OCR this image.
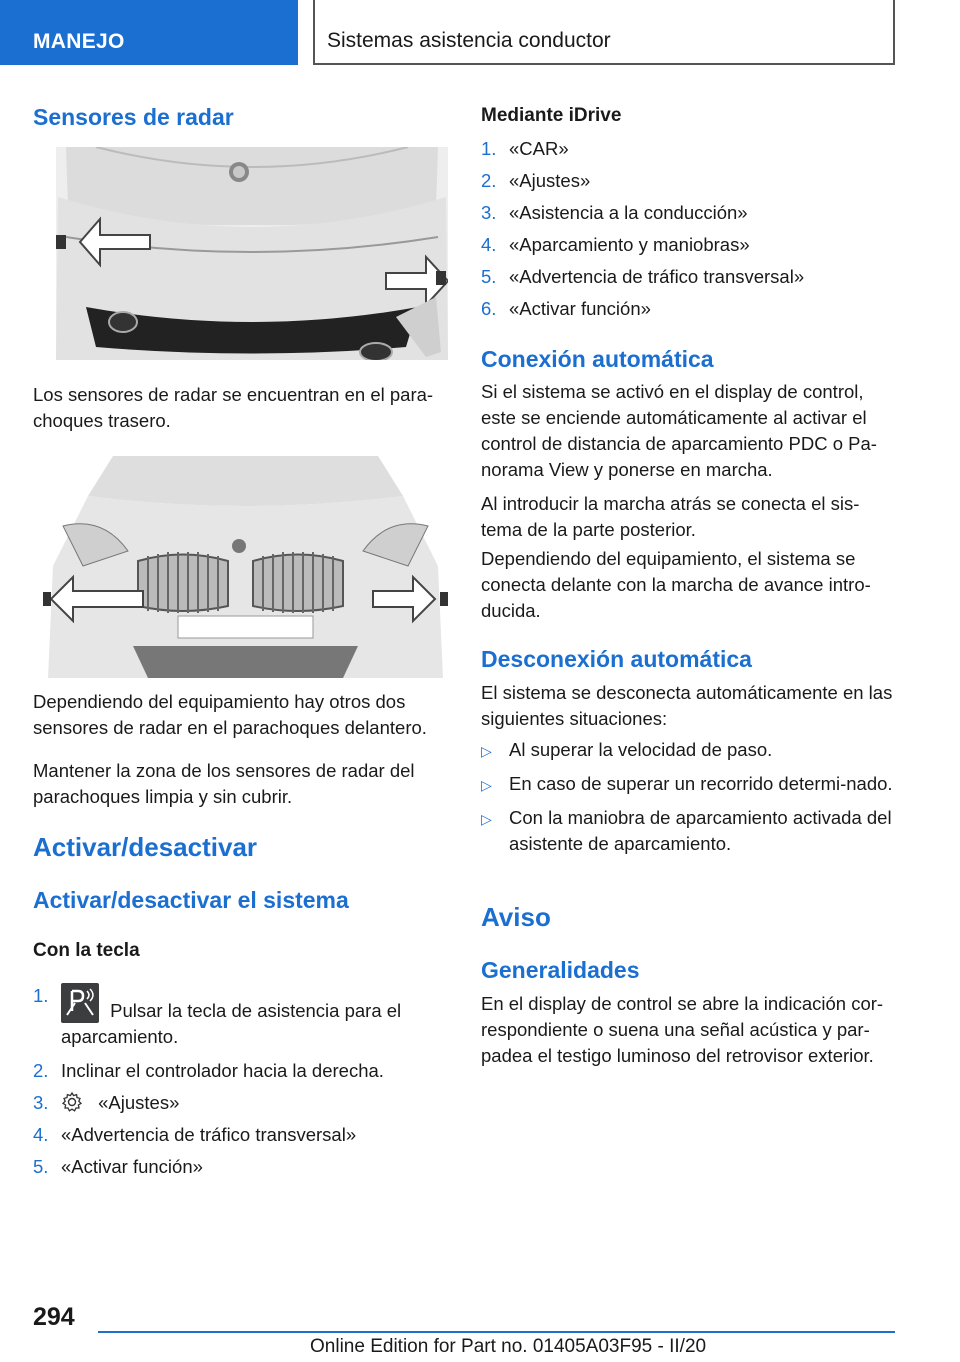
MANEJO	Sistemas asistencia conductor
Sensores de radar
Los sensores de radar se encuentran en el para-choques trasero.
Dependiendo del equipamiento hay otros dos sensores de radar en el parachoques delantero.
Mantener la zona de los sensores de radar del parachoques limpia y sin cubrir.
Activar/desactivar
Activar/desactivar el sistema
Con la tecla
1.
Pulsar la tecla de asistencia para el aparcamiento.
2. Inclinar el controlador hacia la derecha.
3.	«Ajustes»
4. «Advertencia de tráfico transversal»
5. «Activar función»
Mediante iDrive
1. «CAR»
2. «Ajustes»
3. «Asistencia a la conducción»
4. «Aparcamiento y maniobras»
5. «Advertencia de tráfico transversal»
6. «Activar función»
Conexión automática
Si el sistema se activó en el display de control, este se enciende automáticamente al activar el control de distancia de aparcamiento PDC o Pa-norama View y ponerse en marcha.
Al introducir la marcha atrás se conecta el sis-tema de la parte posterior.
Dependiendo del equipamiento, el sistema se conecta delante con la marcha de avance intro-ducida.
Desconexión automática
El sistema se desconecta automáticamente en las siguientes situaciones:
▷ Al superar la velocidad de paso.
▷ En caso de superar un recorrido determi-nado.
▷ Con la maniobra de aparcamiento activada del asistente de aparcamiento.
Aviso
Generalidades
En el display de control se abre la indicación cor-respondiente o suena una señal acústica y par-padea el testigo luminoso del retrovisor exterior.
294
Online Edition for Part no. 01405A03F95 - II/20
